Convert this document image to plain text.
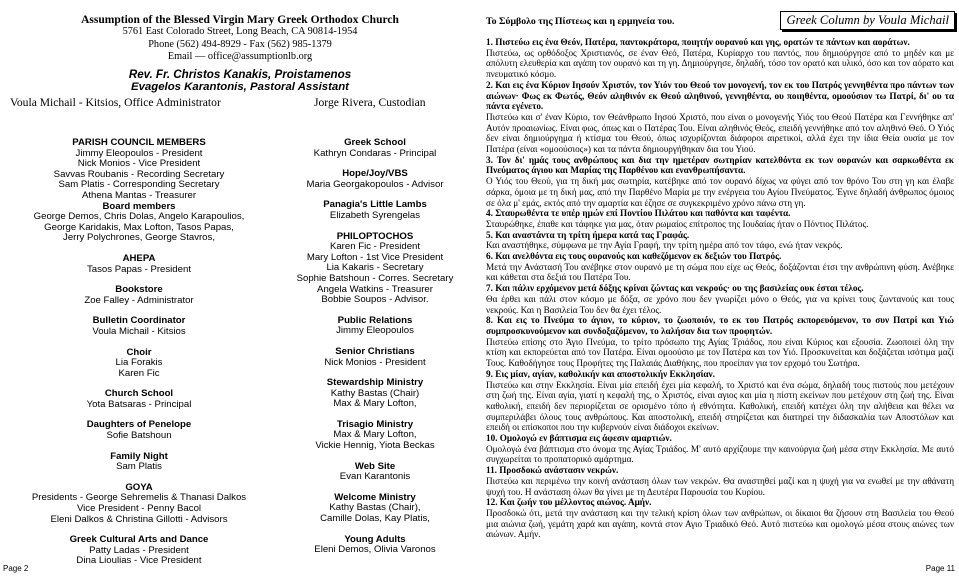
Assumption of the Blessed Virgin Mary Greek Orthodox Church
5761 East Colorado Street, Long Beach, CA 90814-1954
Phone (562) 494-8929 - Fax (562) 985-1379
Email — office@assumptionlb.org
Rev. Fr. Christos Kanakis, Proistamenos
Evagelos Karantonis, Pastoral Assistant
Voula Michail - Kitsios, Office Administrator	Jorge Rivera, Custodian
PARISH COUNCIL MEMBERS
Jimmy Eleopoulos - President
Nick Monios - Vice President
Savvas Roubanis - Recording Secretary
Sam Platis - Corresponding Secretary
Athena Mantas - Treasurer
Board members
George Demos, Chris Dolas, Angelo Karapoulios,
George Karidakis, Max Lofton, Tasos Papas,
Jerry Polychrones, George Stavros,
AHEPA
Tasos Papas - President
Bookstore
Zoe Falley - Administrator
Bulletin Coordinator
Voula Michail - Kitsios
Choir
Lia Forakis
Karen Fic
Church School
Yota Batsaras - Principal
Daughters of Penelope
Sofie Batshoun
Family Night
Sam Platis
GOYA
Presidents - George Sehremelis & Thanasi Dalkos
Vice President - Penny Bacol
Eleni Dalkos & Christina Gillotti - Advisors
Greek Cultural Arts and Dance
Patty Ladas - President
Dina Lioulias - Vice President
Greek School
Kathryn Condaras - Principal
Hope/Joy/VBS
Maria Georgakopoulos - Advisor
Panagia's Little Lambs
Elizabeth Syrengelas
PHILOPTOCHOS
Karen Fic - President
Mary Lofton - 1st Vice President
Lia Kakaris - Secretary
Sophie Batshoun - Corres. Secretary
Angela Watkins - Treasurer
Bobbie Soupos - Advisor.
Public Relations
Jimmy Eleopoulos
Senior Christians
Nick Monios - President
Stewardship Ministry
Kathy Bastas (Chair)
Max & Mary Lofton,
Trisagio Ministry
Max & Mary Lofton,
Vickie Hennig, Yiota Beckas
Web Site
Evan Karantonis
Welcome Ministry
Kathy Bastas (Chair),
Camille Dolas, Kay Platis,
Young Adults
Eleni Demos, Olivia Varonos
Page 2
Το Σύμβολο της Πίστεως και η ερμηνεία του.	Greek Column by Voula Michail

1. Πιστεύω εις ένα Θεόν, Πατέρα, παντοκράτορα, ποιητήν ουρανού και γης, ορατών τε πάντων και αοράτων.

Πιστεύω, ως ορθόδοξος Χριστιανός, σε έναν Θεό, Πατέρα, Κυρίαρχο του παντός, που δημιούργησε από το μηδέν και με απόλυτη ελευθερία και αγάπη τον ουρανό και τη γη. Δημιούργησε, δηλαδή, τόσο τον ορατό και υλικό, όσο και τον αόρατο και πνευματικό κόσμο.

2. Και εις ένα Κύριον Ιησούν Χριστόν, τον Υιόν του Θεού τον μονογενή, τον εκ του Πατρός γεννηθέντα προ πάντων των αιώνων· Φως εκ Φωτός, Θεόν αληθινόν εκ Θεού αληθινού, γεννηθέντα, ου ποιηθέντα, ομοούσιον τω Πατρί, δι' ου τα πάντα εγένετο.

Πιστεύω και σ' έναν Κύριο, τον Θεάνθρωπο Ιησού Χριστό, που είναι ο μονογενής Υιός του Θεού Πατέρα και Γεννήθηκε απ' Αυτόν προαιωνίως. Είναι φως, όπως και ο Πατέρας Του. Είναι αληθινός Θεός, επειδή γεννήθηκε από τον αληθινό Θεό. Ο Υιός δεν είναι δημιούργημα ή κτίσμα του Θεού, όπως ισχυρίζονται διάφοροι αιρετικοί, αλλά έχει την ίδια Θεία ουσία με τον Πατέρα (είναι «ομοούσιος») και τα πάντα δημιουργήθηκαν δια του Υιού.

3. Τον δι' ημάς τους ανθρώπους και δια την ημετέραν σωτηρίαν κατελθόντα εκ των ουρανών και σαρκωθέντα εκ Πνεύματος άγιου και Μαρίας της Παρθένου και ενανθρωπήσαντα.

Ο Υιός του Θεού, για τη δική μας σωτηρία, κατέβηκε από τον ουρανό δίχως να φύγει από τον θρόνο Του στη γη και έλαβε σάρκα, όμοια με τη δική μας, από την Παρθένο Μαρία με την ενέργεια του Αγίου Πνεύματος. Έγινε δηλαδή άνθρωπος όμοιος σε όλα μ' εμάς, εκτός από την αμαρτία και έζησε σε συγκεκριμένο χρόνο πάνω στη γη.

4. Σταυρωθέντα τε υπέρ ημών επί Ποντίου Πιλάτου και παθόντα και ταφέντα.

Σταυρώθηκε, έπαθε και τάφηκε για μας, όταν ρωμαίος επίτροπος της Ιουδαίας ήταν ο Πόντιος Πιλάτος.

5. Και αναστάντα τη τρίτη ήμερα κατά τας Γραφάς.

Και αναστήθηκε, σύμφωνα με την Αγία Γραφή, την τρίτη ημέρα από τον τάφο, ενώ ήταν νεκρός.

6. Και ανελθόντα εις τους ουρανούς και καθεζόμενον εκ δεξιών του Πατρός.

Μετά την Ανάστασή Του ανέβηκε στον ουρανό με τη σώμα που είχε ως Θεός, δοξάζονται έτσι την ανθρώπινη φύση. Ανέβηκε και κάθεται στα δεξιά του Πατέρα Του.

7. Και πάλιν ερχόμενον μετά δόξης κρίναι ζώντας και νεκρούς· ου της βασιλείας ουκ έσται τέλος.

Θα έρθει και πάλι στον κόσμο με δόξα, σε χρόνο που δεν γνωρίζει μόνο ο Θεός, για να κρίνει τους ζωντανούς και τους νεκρούς. Και η Βασιλεία Του δεν θα έχει τέλος.

8. Και εις το Πνεύμα το άγιον, το κύριον, το ζωοποιόν, το εκ του Πατρός εκπορευόμενον, το συν Πατρί και Υιώ συμπροσκυνούμενον και συνδοξαζόμενον, το λαλήσαν δια των προφητών.

Πιστεύω επίσης στο Άγιο Πνεύμα, το τρίτο πρόσωπο της Αγίας Τριάδος, που είναι Κύριος και εξουσία. Ζωοποιεί όλη την κτίση και εκπορεύεται από τον Πατέρα. Είναι ομοούσιο με τον Πατέρα και τον Υιό. Προσκυνείται και δοξάζεται ισότιμα μαζί Τους. Καθοδήγησε τους Προφήτες της Παλαιάς Διαθήκης, που προείπαν για τον ερχομό του Σωτήρα.

9. Εις μίαν, αγίαν, καθολικήν και αποστολικήν Εκκλησίαν.

Πιστεύω και στην Εκκλησία. Είναι μία επειδή έχει μία κεφαλή, το Χριστό και ένα σώμα, δηλαδή τους πιστούς που μετέχουν στη ζωή της. Είναι αγία, γιατί η κεφαλή της, ο Χριστός, είναι αγιος και μία η πίστη εκείνων που μετέχουν στη ζωή της. Είναι καθολική, επειδή δεν περιορίζεται σε ορισμένο τόπο ή εθνότητα. Καθολική, επειδή κατέχει όλη την αλήθεια και θέλει να συμπεριλάβει όλους τους ανθρώπους. Και αποστολική, επειδή στηρίζεται και διατηρεί την διδασκαλία των Αποστόλων και επειδή οι επίσκοποι που την κυβερνούν είναι διάδοχοι εκείνων.

10. Ομολογώ εν βάπτισμα εις άφεσιν αμαρτιών.

Ομολογώ ένα βάπτισμα στο όνομα της Αγίας Τριάδος. Μ' αυτό αρχίζουμε την καινούργια ζωή μέσα στην Εκκλησία. Με αυτό συγχωρείται το προπατορικό αμάρτημα.

11. Προσδοκώ ανάστασιν νεκρών.

Πιστεύω και περιμένω την κοινή ανάσταση όλων των νεκρών. Θα αναστηθεί μαζί και η ψυχή για να ενωθεί με την αθάνατη ψυχή του. Η ανάσταση όλων θα γίνει με τη Δευτέρα Παρουσία του Κυρίου.

12. Και ζωήν του μέλλοντος αιώνος. Αμήν.

Προσδοκώ ότι, μετά την ανάσταση και την τελική κρίση όλων των ανθρώπων, οι δίκαιοι θα ζήσουν στη Βασιλεία του Θεού μια αιώνια ζωή, γεμάτη χαρά και αγάπη, κοντά στον Αγιο Τριαδικό Θεό. Αυτό πιστεύω και ομολογώ μέσα στους αιώνες των αιώνων. Αμήν.

Page 11
